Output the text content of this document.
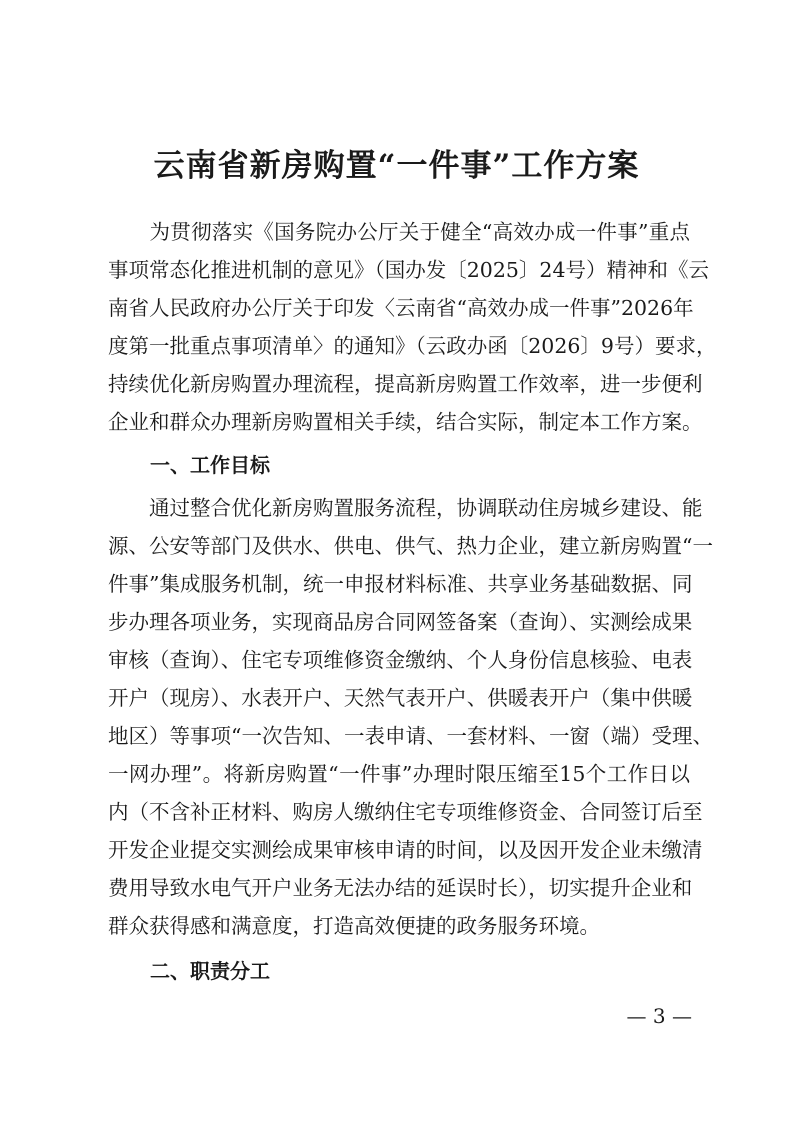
云南省新房购置“一件事”工作方案
　　为贯彻落实《国务院办公厅关于健全“高效办成一件事”重点
事项常态化推进机制的意见》（国办发〔2025〕24号）精神和《云
南省人民政府办公厅关于印发〈云南省“高效办成一件事”2026年
度第一批重点事项清单〉的通知》（云政办函〔2026〕9号）要求，
持续优化新房购置办理流程，提高新房购置工作效率，进一步便利
企业和群众办理新房购置相关手续，结合实际，制定本工作方案。
一、工作目标
　　通过整合优化新房购置服务流程，协调联动住房城乡建设、能
源、公安等部门及供水、供电、供气、热力企业，建立新房购置“一
件事”集成服务机制，统一申报材料标准、共享业务基础数据、同
步办理各项业务，实现商品房合同网签备案（查询）、实测绘成果
审核（查询）、住宅专项维修资金缴纳、个人身份信息核验、电表
开户（现房）、水表开户、天然气表开户、供暖表开户（集中供暖
地区）等事项“一次告知、一表申请、一套材料、一窗（端）受理、
一网办理”。将新房购置“一件事”办理时限压缩至15个工作日以
内（不含补正材料、购房人缴纳住宅专项维修资金、合同签订后至
开发企业提交实测绘成果审核申请的时间，以及因开发企业未缴清
费用导致水电气开户业务无法办结的延误时长），切实提升企业和
群众获得感和满意度，打造高效便捷的政务服务环境。
二、职责分工
— 3 —
